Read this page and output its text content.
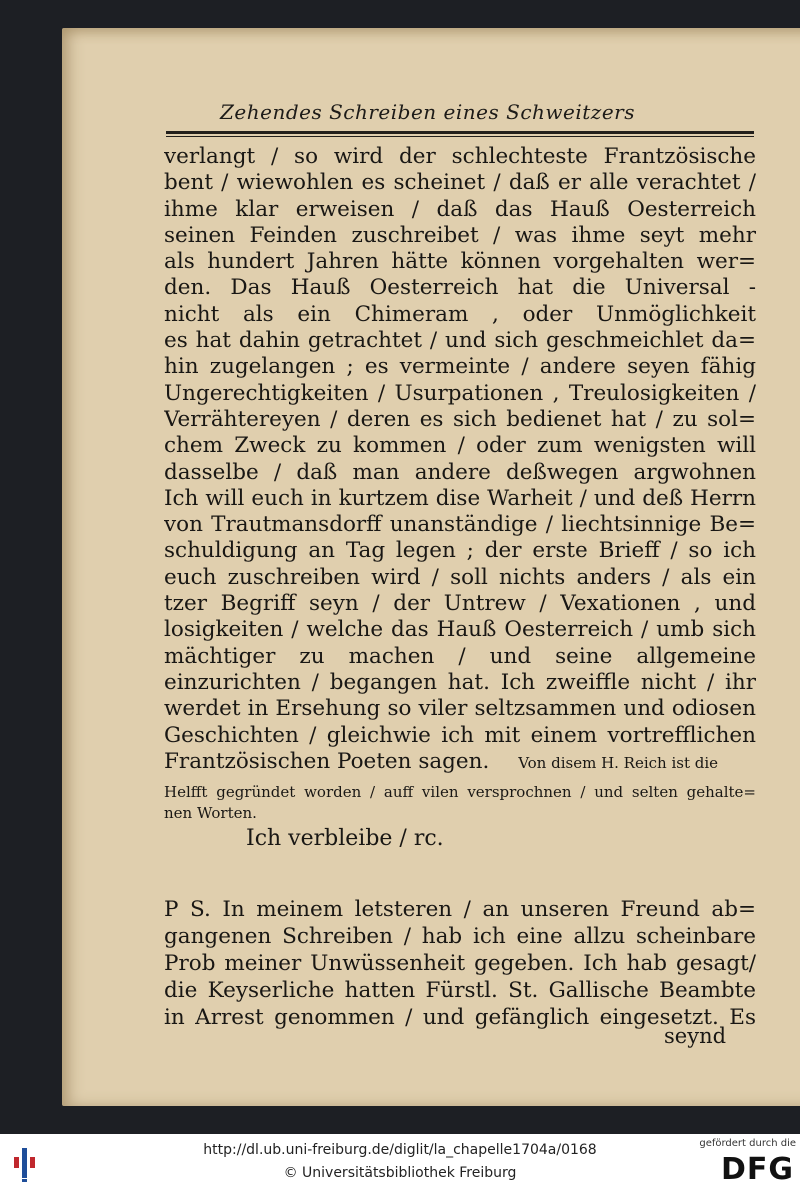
Zehendes Schreiben eines Schweitzers
verlangt / so wird der schlechteste Frantzösische
bent / wiewohlen es scheinet / daß er alle verachtet /
ihme klar erweisen / daß das Hauß Oesterreich
seinen Feinden zuschreibet / was ihme seyt mehr
als hundert Jahren hätte können vorgehalten wer=
den. Das Hauß Oesterreich hat die Universal -
nicht als ein Chimeram , oder Unmöglichkeit
es hat dahin getrachtet / und sich geschmeichlet da=
hin zugelangen ; es vermeinte / andere seyen fähig
Ungerechtigkeiten / Usurpationen , Treulosigkeiten /
Verrähtereyen / deren es sich bedienet hat / zu sol=
chem Zweck zu kommen / oder zum wenigsten will
dasselbe / daß man andere deßwegen argwohnen
Ich will euch in kurtzem dise Warheit / und deß Herrn
von Trautmansdorff unanständige / liechtsinnige Be=
schuldigung an Tag legen ; der erste Brieff / so ich
euch zuschreiben wird / soll nichts anders / als ein
tzer Begriff seyn / der Untrew / Vexationen , und
losigkeiten / welche das Hauß Oesterreich / umb sich
mächtiger zu machen / und seine allgemeine
einzurichten / begangen hat. Ich zweiffle nicht / ihr
werdet in Ersehung so viler seltzsammen und odiosen
Geschichten / gleichwie ich mit einem vortrefflichen
Frantzösischen Poeten sagen. Von disem H. Reich ist die
Helfft gegründet worden / auff vilen versprochnen / und selten gehalte=
nen Worten.
Ich verbleibe / rc.
P S. In meinem letsteren / an unseren Freund ab=
gangenen Schreiben / hab ich eine allzu scheinbare
Prob meiner Unwüssenheit gegeben. Ich hab gesagt/
die Keyserliche hatten Fürstl. St. Gallische Beambte
in Arrest genommen / und gefänglich eingesetzt. Es
seynd
http://dl.ub.uni-freiburg.de/diglit/la_chapelle1704a/0168
© Universitätsbibliothek Freiburg
gefördert durch die
DFG
